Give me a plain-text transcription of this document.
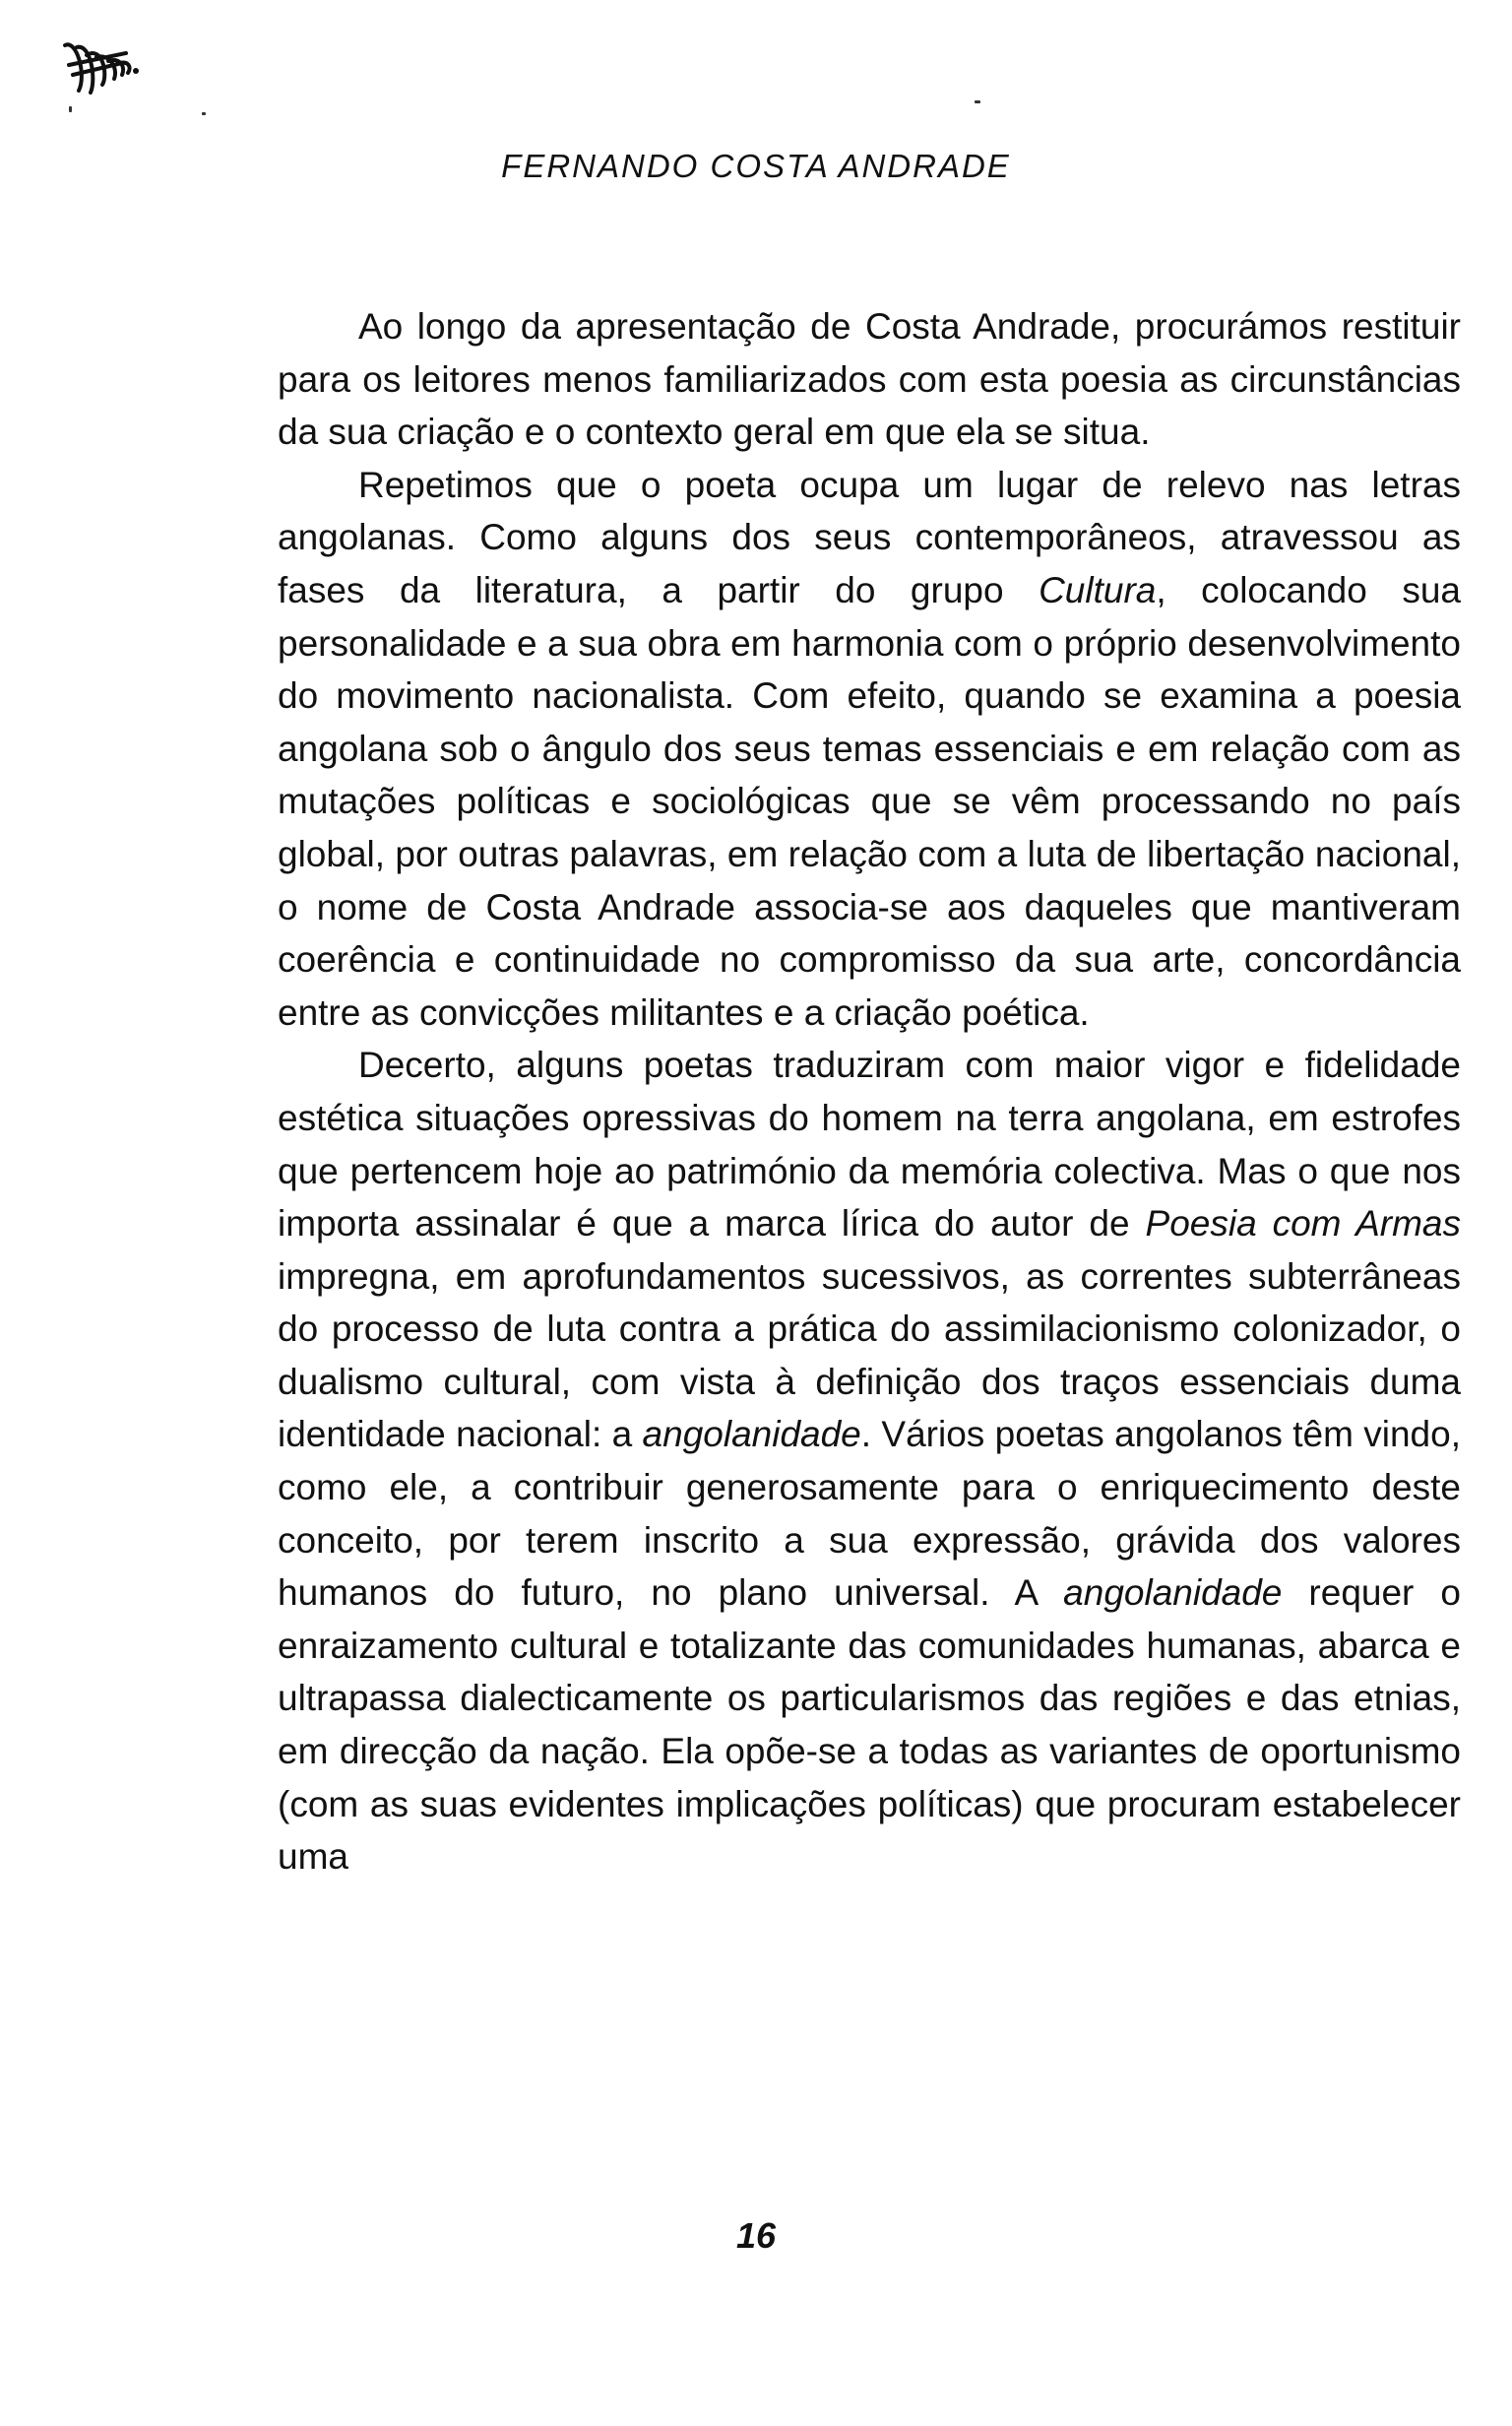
FERNANDO COSTA ANDRADE

Ao longo da apresentação de Costa Andrade, procurámos restituir para os leitores menos familiarizados com esta poesia as circunstâncias da sua criação e o contexto geral em que ela se situa.

Repetimos que o poeta ocupa um lugar de relevo nas letras angolanas. Como alguns dos seus contemporâneos, atravessou as fases da literatura, a partir do grupo Cultura, colocando sua personalidade e a sua obra em harmonia com o próprio desenvolvimento do movimento nacionalista. Com efeito, quando se examina a poesia angolana sob o ângulo dos seus temas essenciais e em relação com as mutações políticas e sociológicas que se vêm processando no país global, por outras palavras, em relação com a luta de libertação nacional, o nome de Costa Andrade associa-se aos daqueles que mantiveram coerência e continuidade no compromisso da sua arte, concordância entre as convicções militantes e a criação poética.

Decerto, alguns poetas traduziram com maior vigor e fidelidade estética situações opressivas do homem na terra angolana, em estrofes que pertencem hoje ao património da memória colectiva. Mas o que nos importa assinalar é que a marca lírica do autor de Poesia com Armas impregna, em aprofundamentos sucessivos, as correntes subterrâneas do processo de luta contra a prática do assimilacionismo colonizador, o dualismo cultural, com vista à definição dos traços essenciais duma identidade nacional: a angolanidade. Vários poetas angolanos têm vindo, como ele, a contribuir generosamente para o enriquecimento deste conceito, por terem inscrito a sua expressão, grávida dos valores humanos do futuro, no plano universal. A angolanidade requer o enraizamento cultural e totalizante das comunidades humanas, abarca e ultrapassa dialecticamente os particularismos das regiões e das etnias, em direcção da nação. Ela opõe-se a todas as variantes de oportunismo (com as suas evidentes implicações políticas) que procuram estabelecer uma

16
